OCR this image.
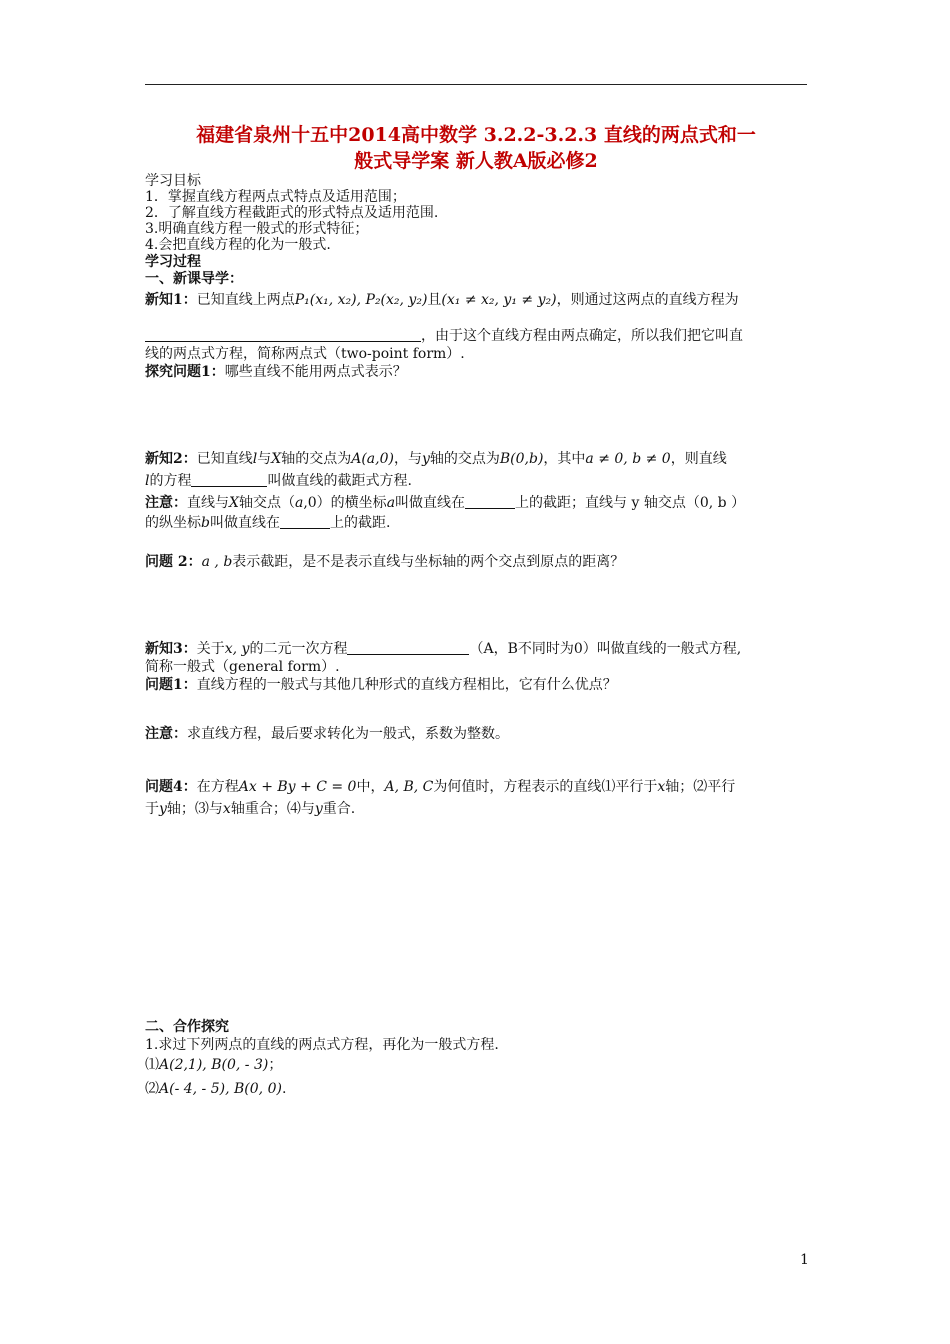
福建省泉州十五中2014高中数学 3.2.2-3.2.3 直线的两点式和一
般式导学案 新人教A版必修2
学习目标
1．掌握直线方程两点式特点及适用范围；
2．了解直线方程截距式的形式特点及适用范围.
3.明确直线方程一般式的形式特征；
4.会把直线方程的化为一般式.
学习过程
一、新课导学：
新知1：已知直线上两点P₁(x₁, x₂), P₂(x₂, y₂)且(x₁ ≠ x₂, y₁ ≠ y₂)，则通过这两点的直线方程为
，由于这个直线方程由两点确定，所以我们把它叫直
线的两点式方程，简称两点式（two-point form）.
探究问题1：哪些直线不能用两点式表示？
新知2：已知直线l与X轴的交点为A(a,0)，与y轴的交点为B(0,b)，其中a ≠ 0, b ≠ 0，则直线
l的方程	叫做直线的截距式方程.
注意：直线与X轴交点（a,0）的横坐标a叫做直线在	上的截距；直线与 y 轴交点（0, b ）
的纵坐标b叫做直线在	上的截距.
问题 2：a , b表示截距，是不是表示直线与坐标轴的两个交点到原点的距离？
新知3：关于x, y的二元一次方程	（A，B不同时为0）叫做直线的一般式方程,
简称一般式（general form）.
问题1：直线方程的一般式与其他几种形式的直线方程相比，它有什么优点？
注意：求直线方程，最后要求转化为一般式，系数为整数。
问题4：在方程Ax + By + C = 0中，A, B, C为何值时，方程表示的直线⑴平行于x轴；⑵平行
于y轴；⑶与x轴重合；⑷与y重合.
二、合作探究
1.求过下列两点的直线的两点式方程，再化为一般式方程.
⑴A(2,1), B(0, - 3)；
⑵A(- 4, - 5), B(0, 0).
1
